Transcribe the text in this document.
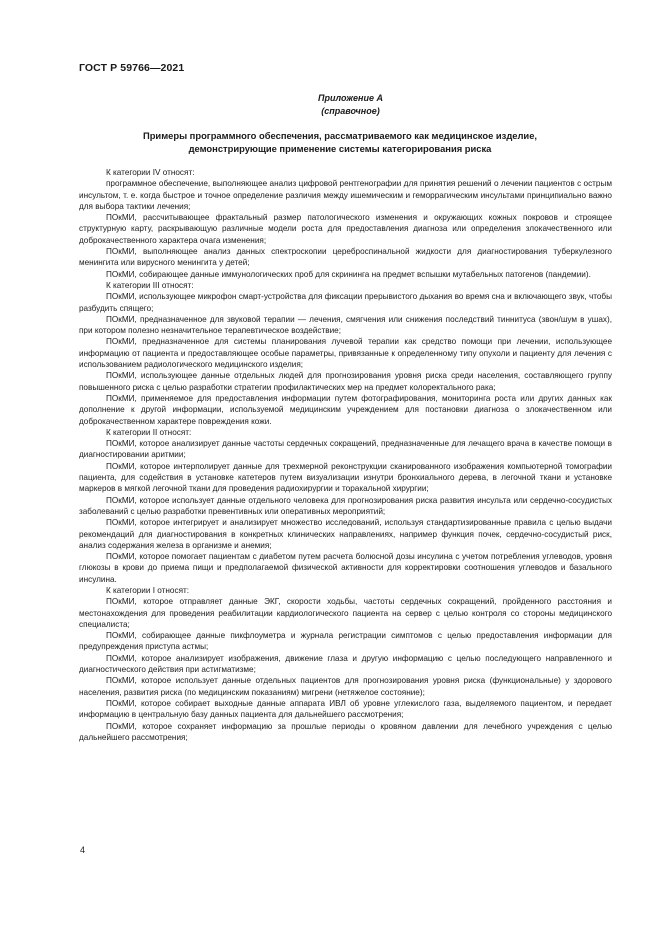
ГОСТ Р 59766—2021
Приложение А
(справочное)
Примеры программного обеспечения, рассматриваемого как медицинское изделие,
демонстрирующие применение системы категорирования риска
К категории IV относят:
программное обеспечение, выполняющее анализ цифровой рентгенографии для принятия решений о лечении пациентов с острым инсультом, т. е. когда быстрое и точное определение различия между ишемическим и геморрагическим инсультами принципиально важно для выбора тактики лечения;
ПОкМИ, рассчитывающее фрактальный размер патологического изменения и окружающих кожных покровов и строящее структурную карту, раскрывающую различные модели роста для предоставления диагноза или определения злокачественного или доброкачественного характера очага изменения;
ПОкМИ, выполняющее анализ данных спектроскопии цереброспинальной жидкости для диагностирования туберкулезного менингита или вирусного менингита у детей;
ПОкМИ, собирающее данные иммунологических проб для скрининга на предмет вспышки мутабельных патогенов (пандемии).
К категории III относят:
ПОкМИ, использующее микрофон смарт-устройства для фиксации прерывистого дыхания во время сна и включающего звук, чтобы разбудить спящего;
ПОкМИ, предназначенное для звуковой терапии — лечения, смягчения или снижения последствий тиннитуса (звон/шум в ушах), при котором полезно незначительное терапевтическое воздействие;
ПОкМИ, предназначенное для системы планирования лучевой терапии как средство помощи при лечении, использующее информацию от пациента и предоставляющее особые параметры, привязанные к определенному типу опухоли и пациенту для лечения с использованием радиологического медицинского изделия;
ПОкМИ, использующее данные отдельных людей для прогнозирования уровня риска среди населения, составляющего группу повышенного риска с целью разработки стратегии профилактических мер на предмет колоректального рака;
ПОкМИ, применяемое для предоставления информации путем фотографирования, мониторинга роста или других данных как дополнение к другой информации, используемой медицинским учреждением для постановки диагноза о злокачественном или доброкачественном характере повреждения кожи.
К категории II относят:
ПОкМИ, которое анализирует данные частоты сердечных сокращений, предназначенные для лечащего врача в качестве помощи в диагностировании аритмии;
ПОкМИ, которое интерполирует данные для трехмерной реконструкции сканированного изображения компьютерной томографии пациента, для содействия в установке катетеров путем визуализации изнутри бронхиального дерева, в легочной ткани и установке маркеров в мягкой легочной ткани для проведения радиохирургии и торакальной хирургии;
ПОкМИ, которое использует данные отдельного человека для прогнозирования риска развития инсульта или сердечно-сосудистых заболеваний с целью разработки превентивных или оперативных мероприятий;
ПОкМИ, которое интегрирует и анализирует множество исследований, используя стандартизированные правила с целью выдачи рекомендаций для диагностирования в конкретных клинических направлениях, например функция почек, сердечно-сосудистый риск, анализ содержания железа в организме и анемия;
ПОкМИ, которое помогает пациентам с диабетом путем расчета болюсной дозы инсулина с учетом потребления углеводов, уровня глюкозы в крови до приема пищи и предполагаемой физической активности для корректировки соотношения углеводов и базального инсулина.
К категории I относят:
ПОкМИ, которое отправляет данные ЭКГ, скорости ходьбы, частоты сердечных сокращений, пройденного расстояния и местонахождения для проведения реабилитации кардиологического пациента на сервер с целью контроля со стороны медицинского специалиста;
ПОкМИ, собирающее данные пикфлоуметра и журнала регистрации симптомов с целью предоставления информации для предупреждения приступа астмы;
ПОкМИ, которое анализирует изображения, движение глаза и другую информацию с целью последующего направленного и диагностического действия при астигматизме;
ПОкМИ, которое использует данные отдельных пациентов для прогнозирования уровня риска (функциональные) у здорового населения, развития риска (по медицинским показаниям) мигрени (нетяжелое состояние);
ПОкМИ, которое собирает выходные данные аппарата ИВЛ об уровне углекислого газа, выделяемого пациентом, и передает информацию в центральную базу данных пациента для дальнейшего рассмотрения;
ПОкМИ, которое сохраняет информацию за прошлые периоды о кровяном давлении для лечебного учреждения с целью дальнейшего рассмотрения;
4
